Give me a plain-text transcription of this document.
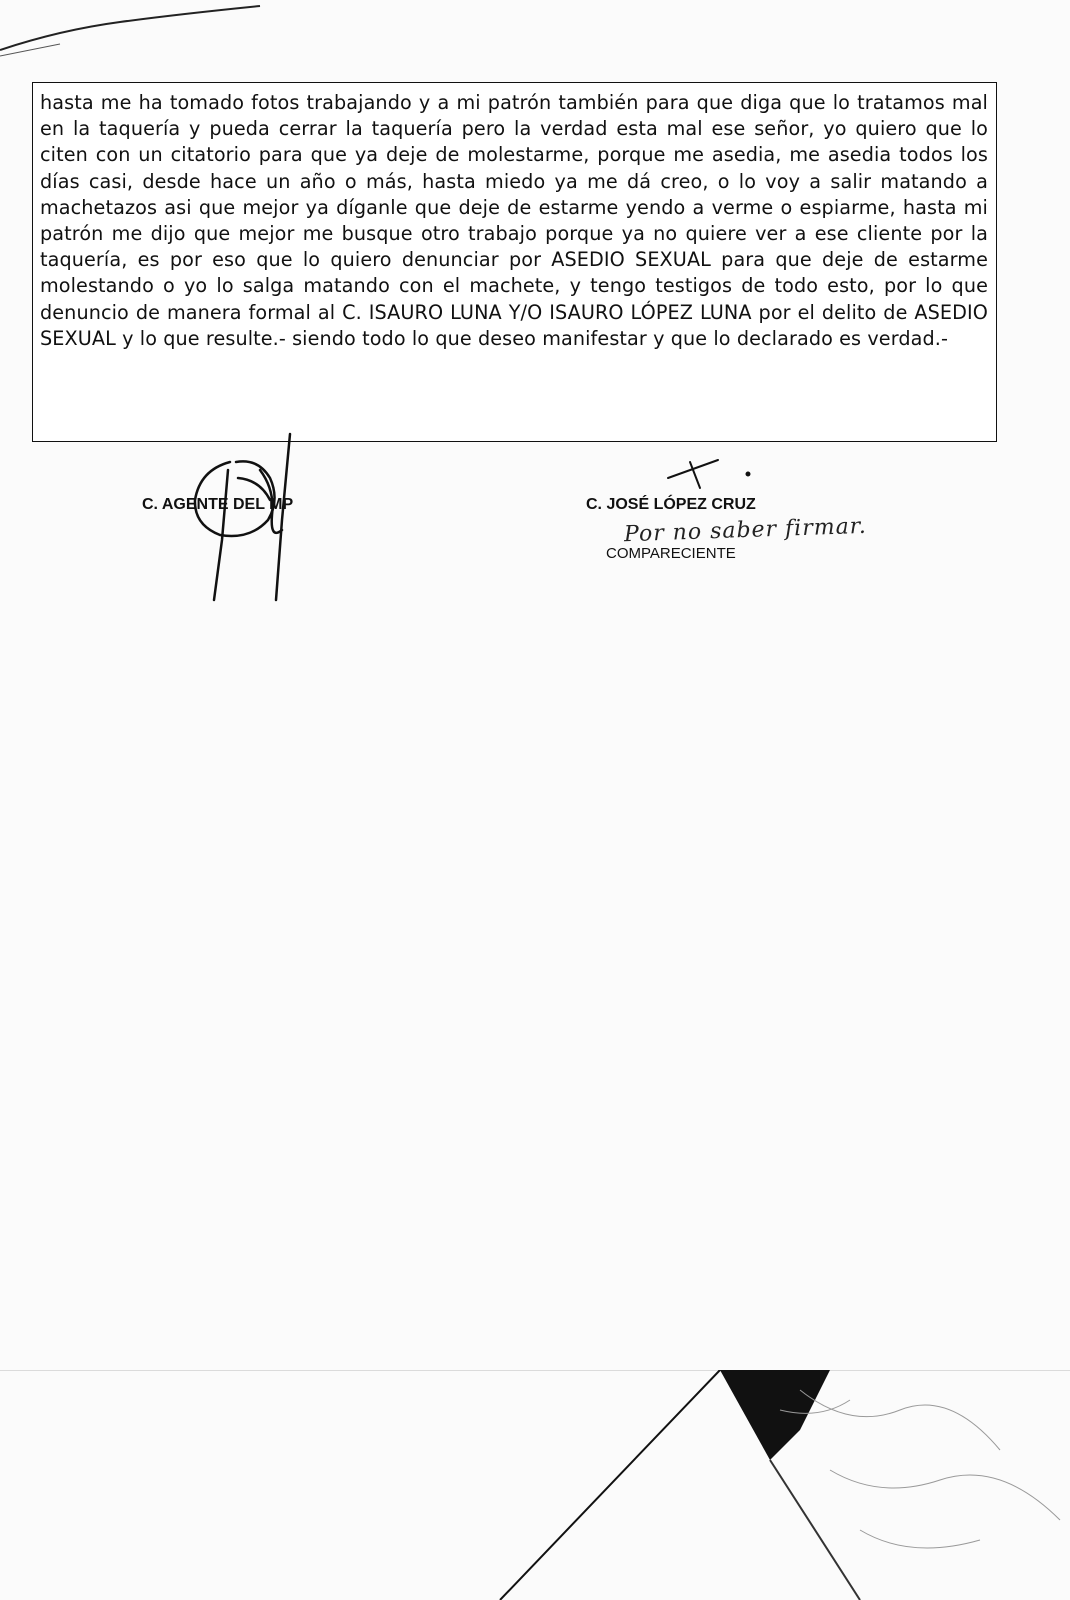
hasta me ha tomado fotos trabajando y a mi patrón también para que diga que lo tratamos mal en la taquería y pueda cerrar la taquería pero la verdad esta mal ese señor, yo quiero que lo citen con un citatorio para que ya deje de molestarme, porque me asedia, me asedia todos los días casi, desde hace un año o más, hasta miedo ya me dá creo, o lo voy a salir matando a machetazos asi que mejor ya díganle que deje de estarme yendo a verme o espiarme, hasta mi patrón me dijo que mejor me busque otro trabajo porque ya no quiere ver a ese cliente por la taquería, es por eso que lo quiero denunciar por ASEDIO SEXUAL para que deje de estarme molestando o yo lo salga matando con el machete, y tengo testigos de todo esto, por lo que denuncio de manera formal al C. ISAURO LUNA Y/O ISAURO LÓPEZ LUNA por el delito de ASEDIO SEXUAL y lo que resulte.- siendo todo lo que deseo manifestar y que lo declarado es verdad.-

C. AGENTE DEL MP	C. JOSÉ LÓPEZ CRUZ
Por no saber firmar.
COMPARECIENTE
